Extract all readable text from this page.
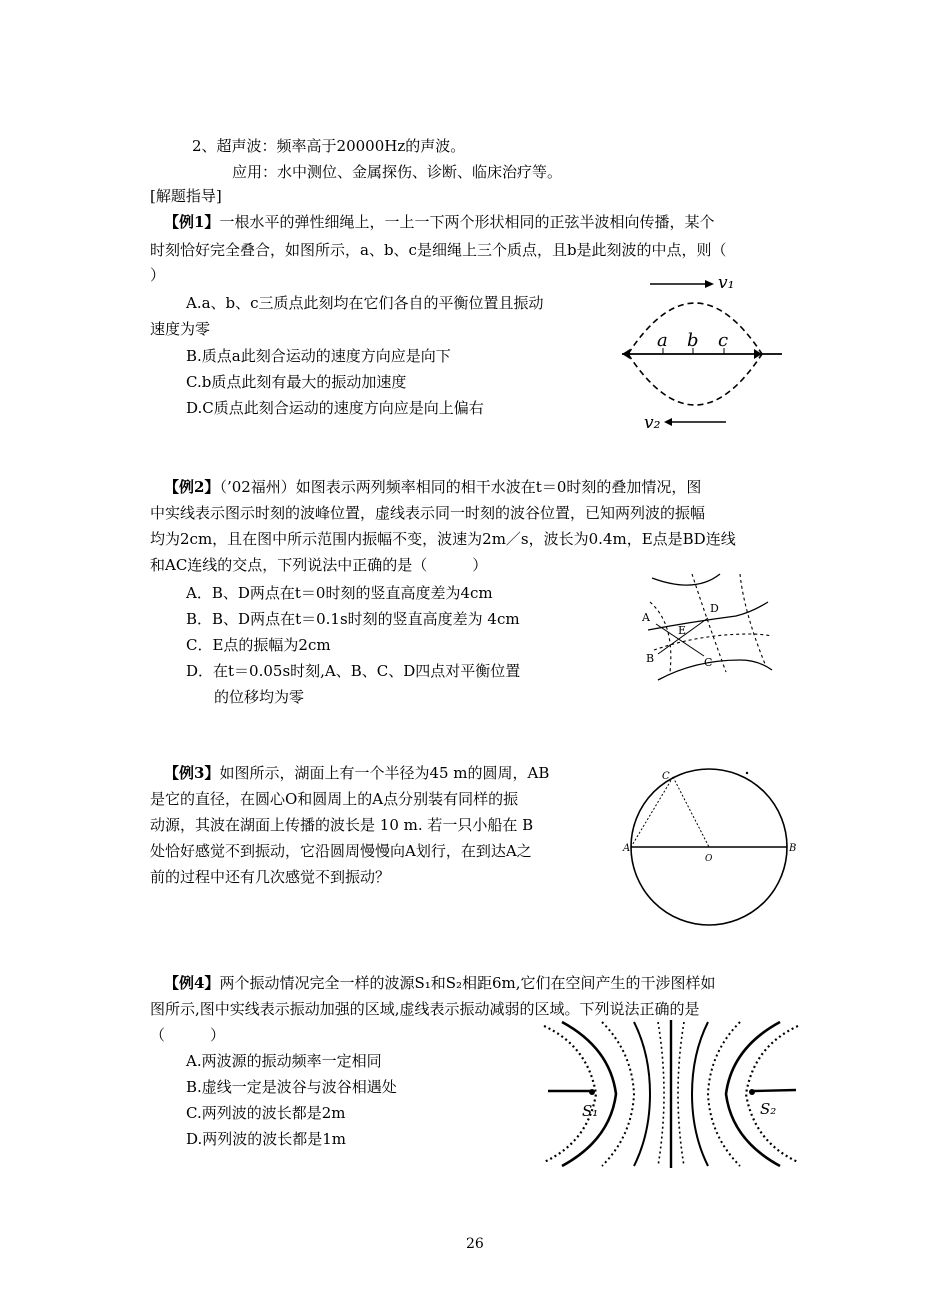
2、超声波：频率高于20000Hz的声波。
应用：水中测位、金属探伤、诊断、临床治疗等。
[解题指导]
【例1】一根水平的弹性细绳上，一上一下两个形状相同的正弦半波相向传播，某个
时刻恰好完全叠合，如图所示，a、b、c是细绳上三个质点，且b是此刻波的中点，则（
）
A.a、b、c三质点此刻均在它们各自的平衡位置且振动
速度为零
B.质点a此刻合运动的速度方向应是向下
C.b质点此刻有最大的振动加速度
D.C质点此刻合运动的速度方向应是向上偏右
v₁
a b c
v₂
【例2】（’02福州）如图表示两列频率相同的相干水波在t＝0时刻的叠加情况，图
中实线表示图示时刻的波峰位置，虚线表示同一时刻的波谷位置，已知两列波的振幅
均为2cm，且在图中所示范围内振幅不变，波速为2m／s，波长为0.4m，E点是BD连线
和AC连线的交点，下列说法中正确的是（　　　）
A．B、D两点在t＝0时刻的竖直高度差为4cm
B．B、D两点在t＝0.1s时刻的竖直高度差为 4cm
C．E点的振幅为2cm
D．在t＝0.05s时刻,A、B、C、D四点对平衡位置
的位移均为零
A
B	C
D
E
【例3】如图所示，湖面上有一个半径为45 m的圆周，AB
是它的直径，在圆心O和圆周上的A点分别装有同样的振
动源，其波在湖面上传播的波长是 10 m. 若一只小船在 B
处恰好感觉不到振动，它沿圆周慢慢向A划行，在到达A之
前的过程中还有几次感觉不到振动？
C
A	B
O
【例4】两个振动情况完全一样的波源S₁和S₂相距6m,它们在空间产生的干涉图样如
图所示,图中实线表示振动加强的区域,虚线表示振动减弱的区域。下列说法正确的是
（　　　）
A.两波源的振动频率一定相同
B.虚线一定是波谷与波谷相遇处
C.两列波的波长都是2m
D.两列波的波长都是1m
S₁	S₂
26
